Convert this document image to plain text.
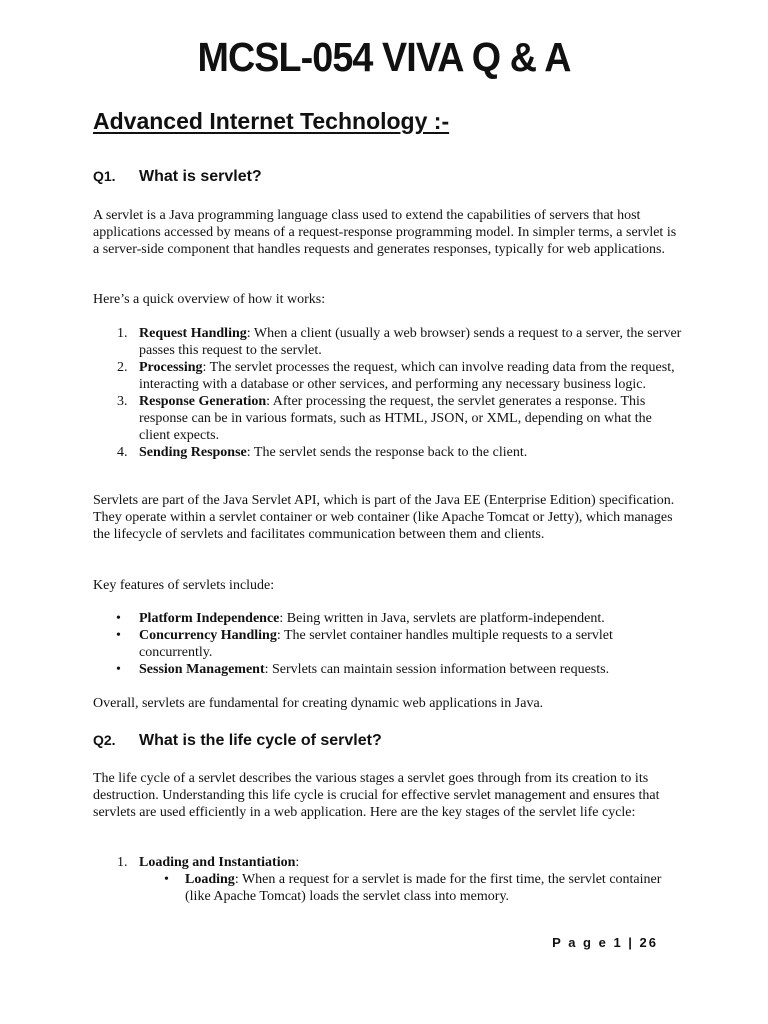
MCSL-054 VIVA Q & A
Advanced Internet Technology :-
Q1. What is servlet?
A servlet is a Java programming language class used to extend the capabilities of servers that host applications accessed by means of a request-response programming model. In simpler terms, a servlet is a server-side component that handles requests and generates responses, typically for web applications.
Here’s a quick overview of how it works:
1. Request Handling: When a client (usually a web browser) sends a request to a server, the server passes this request to the servlet.
2. Processing: The servlet processes the request, which can involve reading data from the request, interacting with a database or other services, and performing any necessary business logic.
3. Response Generation: After processing the request, the servlet generates a response. This response can be in various formats, such as HTML, JSON, or XML, depending on what the client expects.
4. Sending Response: The servlet sends the response back to the client.
Servlets are part of the Java Servlet API, which is part of the Java EE (Enterprise Edition) specification. They operate within a servlet container or web container (like Apache Tomcat or Jetty), which manages the lifecycle of servlets and facilitates communication between them and clients.
Key features of servlets include:
• Platform Independence: Being written in Java, servlets are platform-independent.
• Concurrency Handling: The servlet container handles multiple requests to a servlet concurrently.
• Session Management: Servlets can maintain session information between requests.
Overall, servlets are fundamental for creating dynamic web applications in Java.
Q2. What is the life cycle of servlet?
The life cycle of a servlet describes the various stages a servlet goes through from its creation to its destruction. Understanding this life cycle is crucial for effective servlet management and ensures that servlets are used efficiently in a web application. Here are the key stages of the servlet life cycle:
1. Loading and Instantiation:
• Loading: When a request for a servlet is made for the first time, the servlet container (like Apache Tomcat) loads the servlet class into memory.
P a g e 1 | 26
